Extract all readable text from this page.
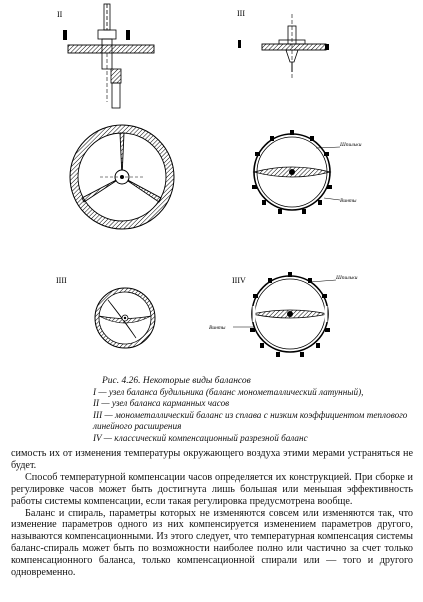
II	III
Шпильки
Винты
IIII	IIIV	Шпильки
Винты
Рис. 4.26. Некоторые виды балансов

I — узел баланса будильника (баланс монометаллический латунный),

II — узел баланса карманных часов

III — монометаллический баланс из сплава с низким коэффициентом теплового линейного расширения

IV — классический компенсационный разрезной баланс

симость их от изменения температуры окружающего воздуха этими мерами устраняться не будет.

Способ температурной компенсации часов определяется их конструкцией. При сборке и регулировке часов может быть достигнута лишь большая или меньшая эффективность работы системы компенсации, если такая регулировка предусмотрена вообще.

Баланс и спираль, параметры которых не изменяются совсем или изменяются так, что изменение параметров одного из них компенсируется изменением параметров другого, называются компенсационными. Из этого следует, что температурная компенсация системы баланс-спираль может быть по возможности наиболее полно или частично за счет только компенсационного баланса, только компенсационной спирали или — того и другого одновременно.
